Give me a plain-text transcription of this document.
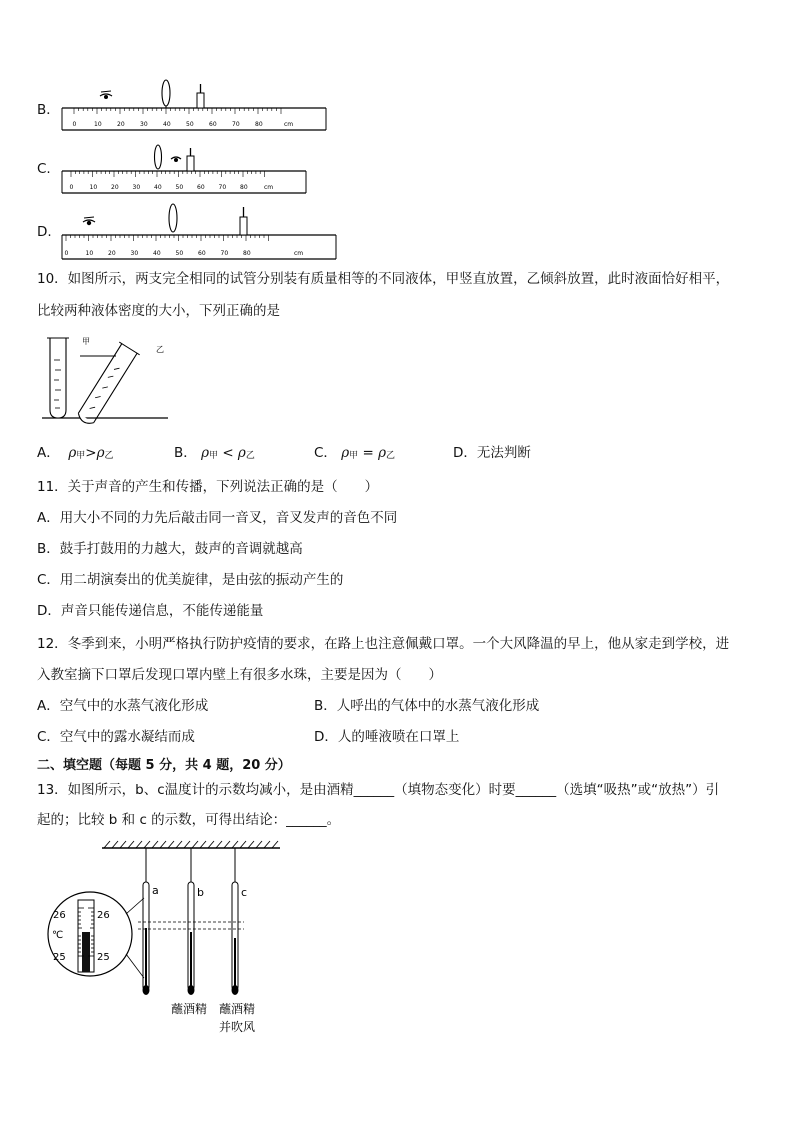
B．
0	10	20	30	40	50	60	70	80	cm
C.
0	10 20 30 40 50 60 70 80	cm
D.
0	10 20 30 40 50 60 70 80	cm
10．如图所示，两支完全相同的试管分别装有质量相等的不同液体，甲竖直放置，乙倾斜放置，此时液面恰好相平，
比较两种液体密度的大小，下列正确的是
甲
乙
A． ρ甲>ρ乙	B． ρ甲 < ρ乙	C． ρ甲 = ρ乙	D．无法判断
11．关于声音的产生和传播，下列说法正确的是（　　）
A．用大小不同的力先后敲击同一音叉，音叉发声的音色不同
B．鼓手打鼓用的力越大，鼓声的音调就越高
C．用二胡演奏出的优美旋律，是由弦的振动产生的
D．声音只能传递信息，不能传递能量
12．冬季到来，小明严格执行防护疫情的要求，在路上也注意佩戴口罩。一个大风降温的早上，他从家走到学校，进
入教室摘下口罩后发现口罩内壁上有很多水珠，主要是因为（　　）
A．空气中的水蒸气液化形成	B．人呼出的气体中的水蒸气液化形成
C．空气中的露水凝结而成	D．人的唾液喷在口罩上
二、填空题（每题 5 分，共 4 题，20 分）
13．如图所示，b、c温度计的示数均减小，是由酒精______（填物态变化）时要______（选填“吸热”或“放热”）引
起的；比较 b 和 c 的示数，可得出结论：______。
a	b	c
26	26
℃
25	25
蘸酒精 蘸酒精
并吹风
